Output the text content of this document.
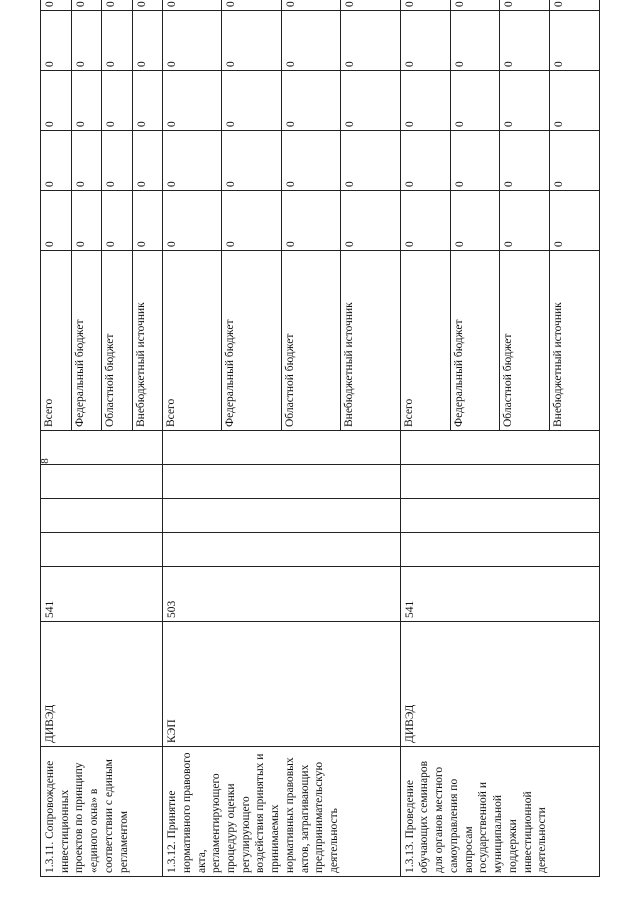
8
1.3.11. Сопровождение инвестиционных проектов по принципу «единого окна» в соответствии с единым регламентом	ДИВЭД	541					Всего	0	0	0	0	0
							Федеральный бюджет	0	0	0	0	0
							Областной бюджет	0	0	0	0	0
							Внебюджетный источник	0	0	0	0	0
1.3.12. Принятие нормативного правового акта, регламентирующего процедуру оценки регулирующего воздействия принятых и принимаемых нормативных правовых актов, затрагивающих предпринимательскую деятельность	КЭП	503					Всего	0	0	0	0	0
							Федеральный бюджет	0	0	0	0	0
							Областной бюджет	0	0	0	0	0
							Внебюджетный источник	0	0	0	0	0
1.3.13. Проведение обучающих семинаров для органов местного самоуправления по вопросам государственной и муниципальной поддержки инвестиционной деятельности	ДИВЭД	541					Всего	0	0	0	0	0
							Федеральный бюджет	0	0	0	0	0
							Областной бюджет	0	0	0	0	0
							Внебюджетный источник	0	0	0	0	0
